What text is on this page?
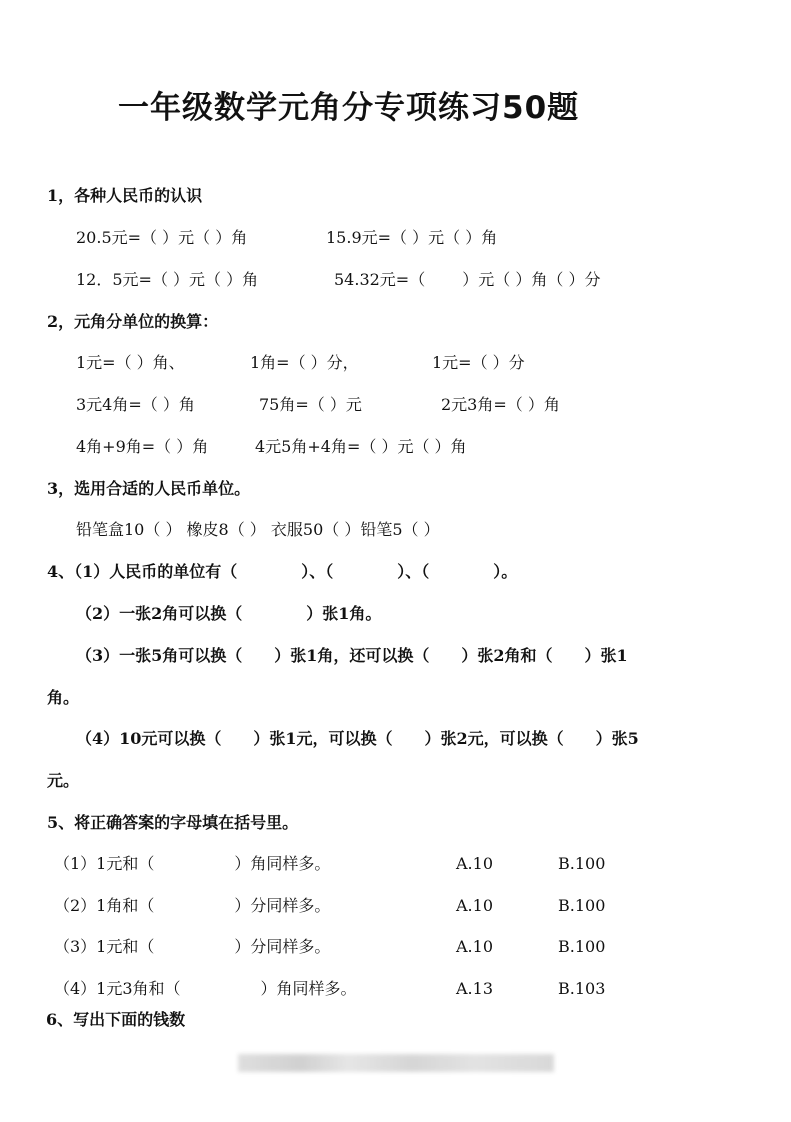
一年级数学元角分专项练习50题
1，各种人民币的认识
20.5元=（ ）元（ ）角	15.9元=（ ）元（ ）角
12．5元=（ ）元（ ）角	54.32元=（　　 ）元（ ）角（ ）分
2，元角分单位的换算：
1元=（ ）角、	1角=（ ）分，	1元=（ ）分
3元4角=（ ）角	75角=（ ）元	2元3角=（ ）角
4角+9角=（ ）角	4元5角+4角=（ ）元（ ）角
3，选用合适的人民币单位。
铅笔盒10（ ） 橡皮8（ ） 衣服50（ ）铅笔5（ ）
4、（1）人民币的单位有（　　　　）、（　　　　）、（　　　　）。
（2）一张2角可以换（　　　　）张1角。
（3）一张5角可以换（　　）张1角，还可以换（　　）张2角和（　　）张1
角。
（4）10元可以换（　　）张1元，可以换（　　）张2元，可以换（　　）张5
元。
5、将正确答案的字母填在括号里。
（1）1元和（　　　　　）角同样多。	A.10	B.100
（2）1角和（　　　　　）分同样多。	A.10	B.100
（3）1元和（　　　　　）分同样多。	A.10	B.100
（4）1元3角和（　　　　　）角同样多。	A.13	B.103
6、写出下面的钱数
